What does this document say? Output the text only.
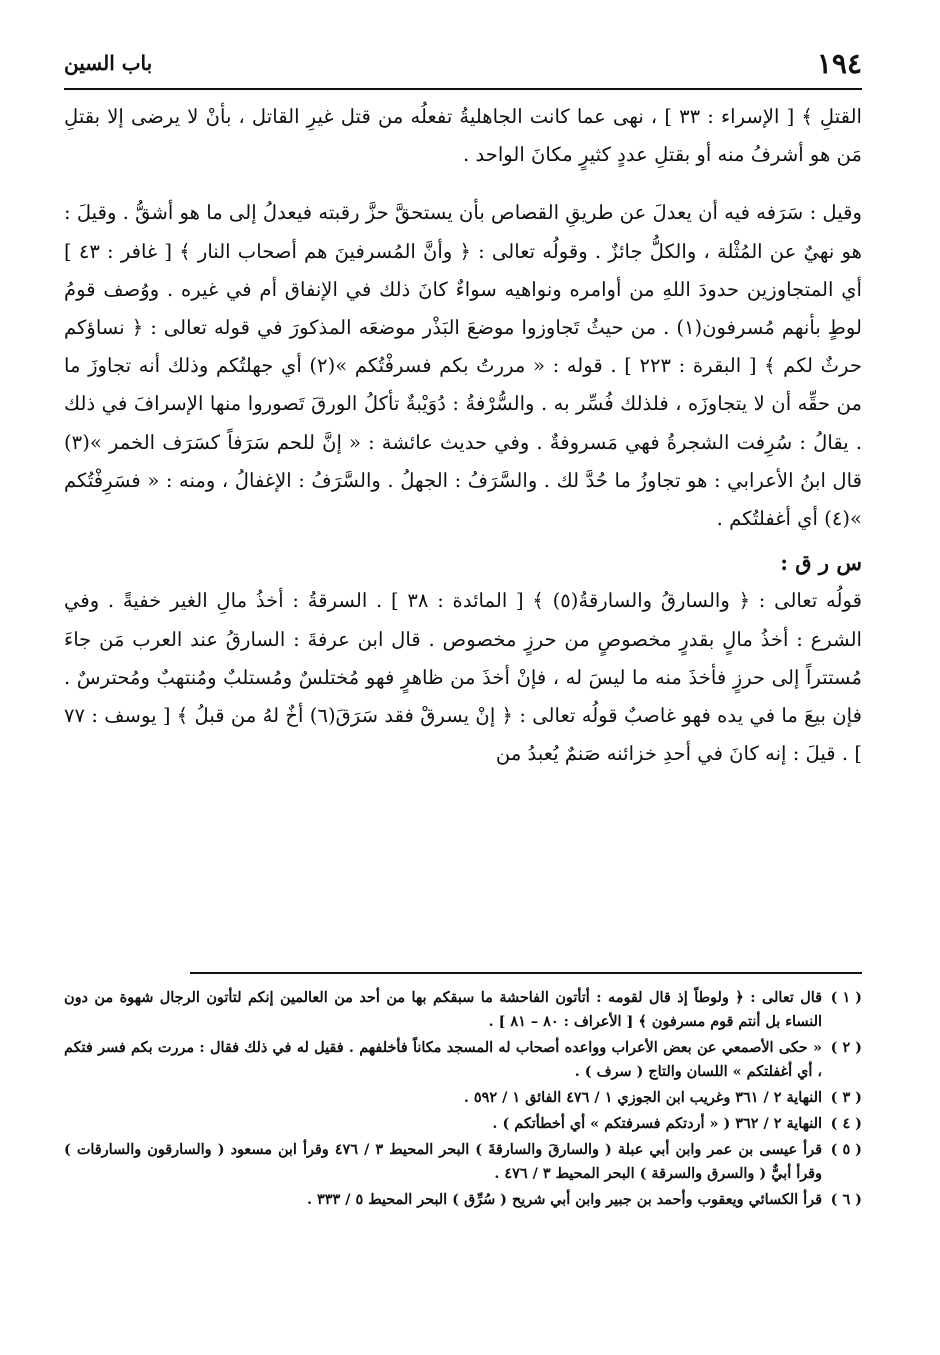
١٩٤
باب السين

القتلِ ﴾ [ الإسراء : ٣٣ ] ، نهى عما كانت الجاهليةُ تفعلُه من قتل غيرِ القاتل ، بأنْ لا يرضى إلا بقتلِ مَن هو أشرفُ منه أو بقتلِ عددٍ كثيرٍ مكانَ الواحد .

وقيل : سَرَفه فيه أن يعدلَ عن طريقِ القصاص بأن يستحقَّ حزَّ رقبته فيعدلُ إلى ما هو أشقُّ . وقيلَ : هو نهيٌ عن المُثْلة ، والكلُّ جائزٌ . وقولُه تعالى : ﴿ وأنَّ المُسرفينَ هم أصحاب النار ﴾ [ غافر : ٤٣ ] أي المتجاوزين حدودَ اللهِ من أوامره ونواهيه سواءٌ كانَ ذلك في الإنفاق أم في غيره . ووُصف قومُ لوطٍ بأنهم مُسرفون(١) . من حيثُ تَجاوزوا موضعَ البَذْر موضعَه المذكورَ في قوله تعالى : ﴿ نساؤكم حرثٌ لكم ﴾ [ البقرة : ٢٢٣ ] . قوله : « مررتُ بكم فسرفْتُكم »(٢) أي جهلتُكم وذلك أنه تجاوزَ ما من حقِّه أن لا يتجاوزَه ، فلذلك فُسِّر به . والسُّرْفةُ : دُوَيْبةٌ تأكلُ الورقَ تَصوروا منها الإسرافَ في ذلك . يقالُ : سُرِفت الشجرةُ فهي مَسروفةٌ . وفي حديث عائشة : « إنَّ للحم سَرَفاً كسَرَف الخمر »(٣) قال ابنُ الأعرابي : هو تجاوزُ ما حُدَّ لك . والسَّرَفُ : الجهلُ . والسَّرَفُ : الإغفالُ ، ومنه : « فسَرِفْتُكم »(٤) أي أغفلتُكم .

س ر ق :

قولُه تعالى : ﴿ والسارقُ والسارقةُ(٥) ﴾ [ المائدة : ٣٨ ] . السرقةُ : أخذُ مالِ الغير خفيةً . وفي الشرع : أخذُ مالٍ بقدرٍ مخصوصٍ من حرزٍ مخصوص . قال ابن عرفةَ : السارقُ عند العرب مَن جاءَ مُستتراً إلى حرزٍ فأخذَ منه ما ليسَ له ، فإنْ أخذَ من ظاهرٍ فهو مُختلسٌ ومُستلبٌ ومُنتهبٌ ومُحترسٌ . فإن بيعَ ما في يده فهو غاصبٌ قولُه تعالى : ﴿ إنْ يسرقْ فقد سَرَقَ(٦) أخٌ لهُ من قبلُ ﴾ [ يوسف : ٧٧ ] . قيلَ : إنه كانَ في أحدِ خزائنه صَنمٌ يُعبدُ من

( ١ )
قال تعالى : ﴿ ولوطاً إذ قال لقومه : أتأتون الفاحشة ما سبقكم بها من أحد من العالمين إنكم لتأتون الرجال شهوة من دون النساء بل أنتم قوم مسرفون ﴾ [ الأعراف : ٨٠ – ٨١ ] .
( ٢ )
« حكى الأصمعي عن بعض الأعراب وواعده أصحاب له المسجد مكاناً فأخلفهم . فقيل له في ذلك فقال : مررت بكم فسر فتكم ، أي أغفلتكم » اللسان والتاج ( سرف ) .
( ٣ )
النهاية ٢ / ٣٦١ وغريب ابن الجوزي ١ / ٤٧٦ الفائق ١ / ٥٩٢ .
( ٤ )
النهاية ٢ / ٣٦٢ ( « أردتكم فسرفتكم » أي أخطأتكم ) .
( ٥ )
قرأ عيسى بن عمر وابن أبي عبلة ( والسارقَ والسارقةَ ) البحر المحيط ٣ / ٤٧٦ وقرأ ابن مسعود ( والسارقون والسارقات ) وقرأ أبيٌّ ( والسرق والسرقة ) البحر المحيط ٣ / ٤٧٦ .
( ٦ )
قرأ الكسائي ويعقوب وأحمد بن جبير وابن أبي شريح ( سُرِّق ) البحر المحيط ٥ / ٣٣٣ .
